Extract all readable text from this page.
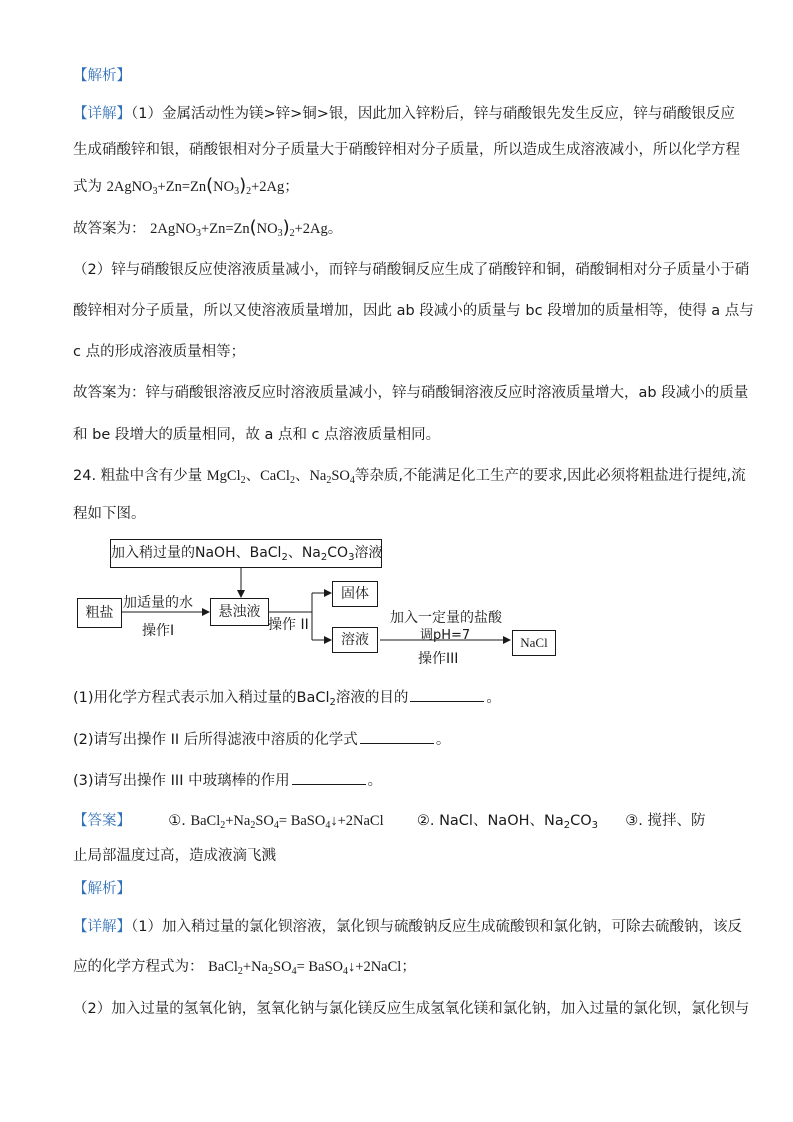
【解析】
【详解】（1）金属活动性为镁>锌>铜>银，因此加入锌粉后，锌与硝酸银先发生反应，锌与硝酸银反应
生成硝酸锌和银，硝酸银相对分子质量大于硝酸锌相对分子质量，所以造成生成溶液减小，所以化学方程
式为 $2AgNO_3+Zn=Zn(NO_3)_2+2Ag$；
故答案为： $2AgNO_3+Zn=Zn(NO_3)_2+2Ag$。
（2）锌与硝酸银反应使溶液质量减小，而锌与硝酸铜反应生成了硝酸锌和铜，硝酸铜相对分子质量小于硝
酸锌相对分子质量，所以又使溶液质量增加，因此 ab 段减小的质量与 bc 段增加的质量相等，使得 a 点与
c 点的形成溶液质量相等；
故答案为：锌与硝酸银溶液反应时溶液质量减小，锌与硝酸铜溶液反应时溶液质量增大，ab 段减小的质量
和 be 段增大的质量相同，故 a 点和 c 点溶液质量相同。
24. 粗盐中含有少量 MgCl$_2$、CaCl$_2$、$Na_2SO_4$等杂质,不能满足化工生产的要求,因此必须将粗盐进行提纯,流
程如下图。
加入稍过量的NaOH、BaCl$_2$、$Na_2CO_3$溶液
粗盐
加适量的水
操作I
悬浊液
操作 II
固体
溶液
加入一定量的盐酸
调pH=7
操作III
NaCl
(1)用化学方程式表示加入稍过量的BaCl$_2$溶液的目的	。
(2)请写出操作 II 后所得滤液中溶质的化学式	。
(3)请写出操作 III 中玻璃棒的作用	。
【答案】	①. $BaCl_2+Na_2SO_4=$ BaSO$_4$↓+2NaCl ②. NaCl、NaOH、$Na_2CO_3$ ③. 搅拌、防
止局部温度过高，造成液滴飞溅
【解析】
【详解】（1）加入稍过量的氯化钡溶液，氯化钡与硫酸钠反应生成硫酸钡和氯化钠，可除去硫酸钠，该反
应的化学方程式为： $BaCl_2+Na_2SO_4=$ BaSO$_4$↓+2NaCl；
（2）加入过量的氢氧化钠，氢氧化钠与氯化镁反应生成氢氧化镁和氯化钠，加入过量的氯化钡，氯化钡与
